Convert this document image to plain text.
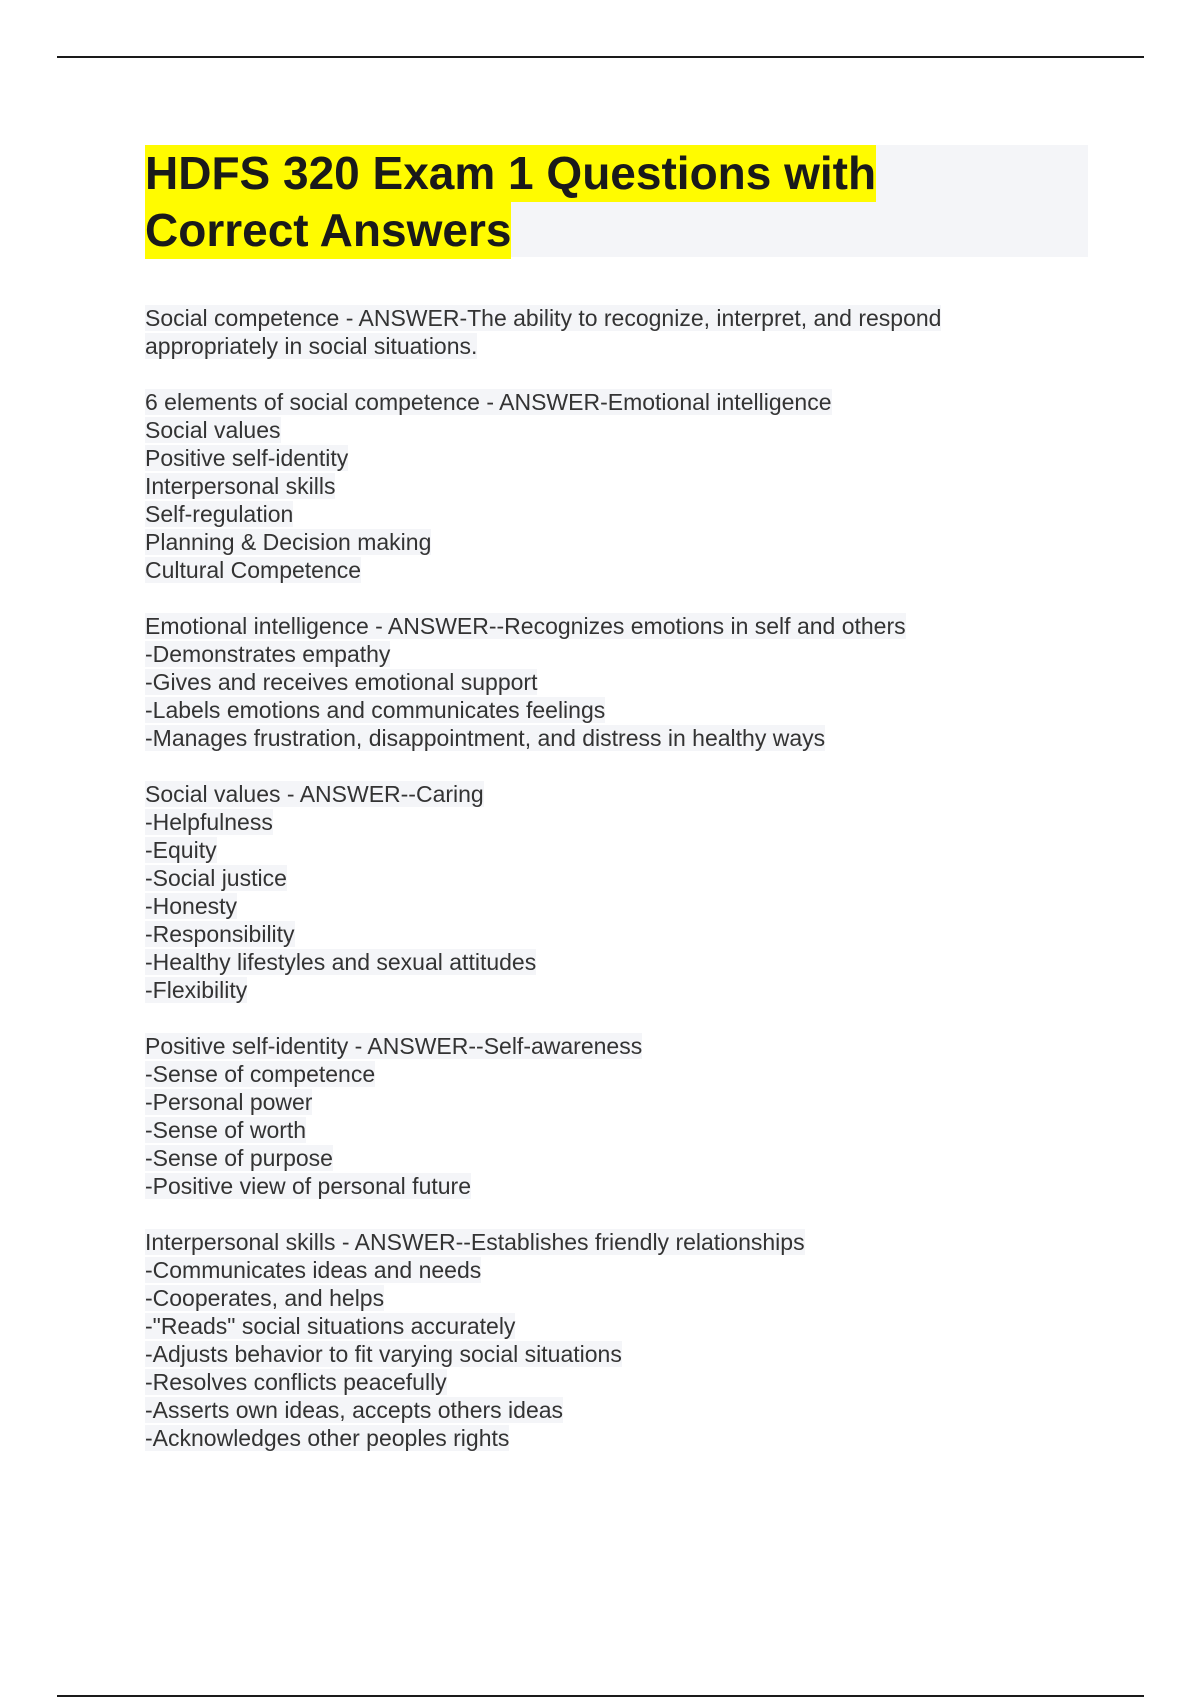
HDFS 320 Exam 1 Questions with
Correct Answers
Social competence - ANSWER-The ability to recognize, interpret, and respond
appropriately in social situations.
6 elements of social competence - ANSWER-Emotional intelligence
Social values
Positive self-identity
Interpersonal skills
Self-regulation
Planning & Decision making
Cultural Competence
Emotional intelligence - ANSWER--Recognizes emotions in self and others
-Demonstrates empathy
-Gives and receives emotional support
-Labels emotions and communicates feelings
-Manages frustration, disappointment, and distress in healthy ways
Social values - ANSWER--Caring
-Helpfulness
-Equity
-Social justice
-Honesty
-Responsibility
-Healthy lifestyles and sexual attitudes
-Flexibility
Positive self-identity - ANSWER--Self-awareness
-Sense of competence
-Personal power
-Sense of worth
-Sense of purpose
-Positive view of personal future
Interpersonal skills - ANSWER--Establishes friendly relationships
-Communicates ideas and needs
-Cooperates, and helps
-"Reads" social situations accurately
-Adjusts behavior to fit varying social situations
-Resolves conflicts peacefully
-Asserts own ideas, accepts others ideas
-Acknowledges other peoples rights
